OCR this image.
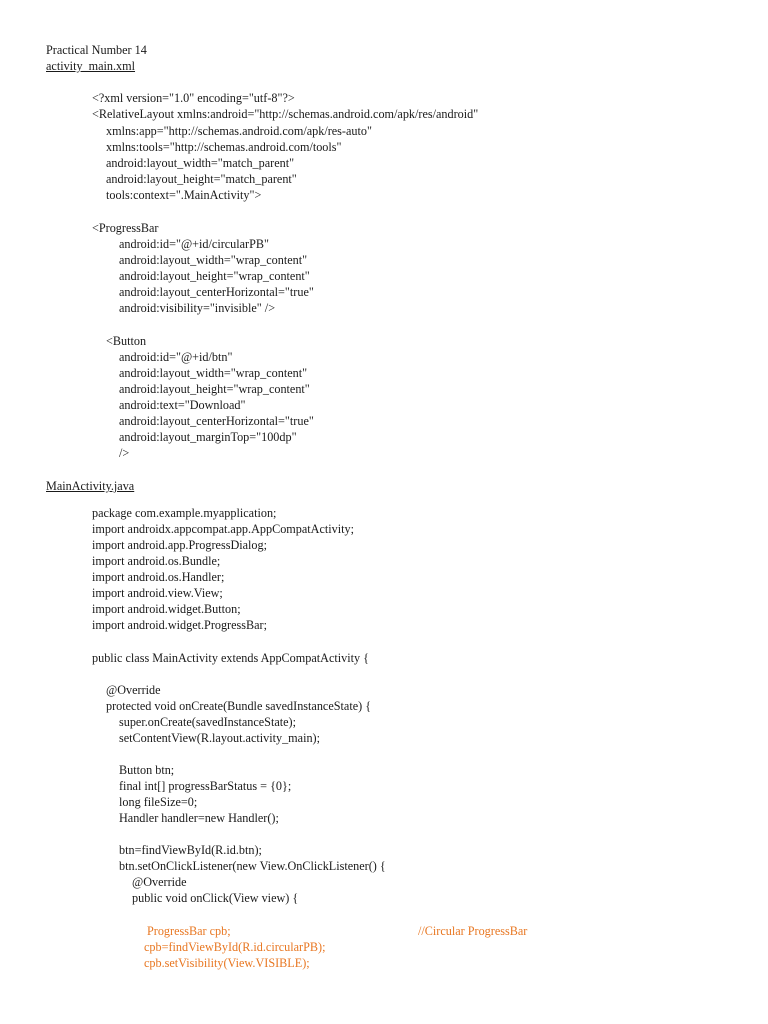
Practical Number 14
activity_main.xml
<?xml version="1.0" encoding="utf-8"?>
<RelativeLayout xmlns:android="http://schemas.android.com/apk/res/android"
xmlns:app="http://schemas.android.com/apk/res-auto"
xmlns:tools="http://schemas.android.com/tools"
android:layout_width="match_parent"
android:layout_height="match_parent"
tools:context=".MainActivity">
<ProgressBar
android:id="@+id/circularPB"
android:layout_width="wrap_content"
android:layout_height="wrap_content"
android:layout_centerHorizontal="true"
android:visibility="invisible" />
<Button
android:id="@+id/btn"
android:layout_width="wrap_content"
android:layout_height="wrap_content"
android:text="Download"
android:layout_centerHorizontal="true"
android:layout_marginTop="100dp"
/>
MainActivity.java
package com.example.myapplication;
import androidx.appcompat.app.AppCompatActivity;
import android.app.ProgressDialog;
import android.os.Bundle;
import android.os.Handler;
import android.view.View;
import android.widget.Button;
import android.widget.ProgressBar;
public class MainActivity extends AppCompatActivity {
@Override
protected void onCreate(Bundle savedInstanceState) {
super.onCreate(savedInstanceState);
setContentView(R.layout.activity_main);
Button btn;
final int[] progressBarStatus = {0};
long fileSize=0;
Handler handler=new Handler();
btn=findViewById(R.id.btn);
btn.setOnClickListener(new View.OnClickListener() {
@Override
public void onClick(View view) {
ProgressBar cpb;	//Circular ProgressBar
cpb=findViewById(R.id.circularPB);
cpb.setVisibility(View.VISIBLE);
